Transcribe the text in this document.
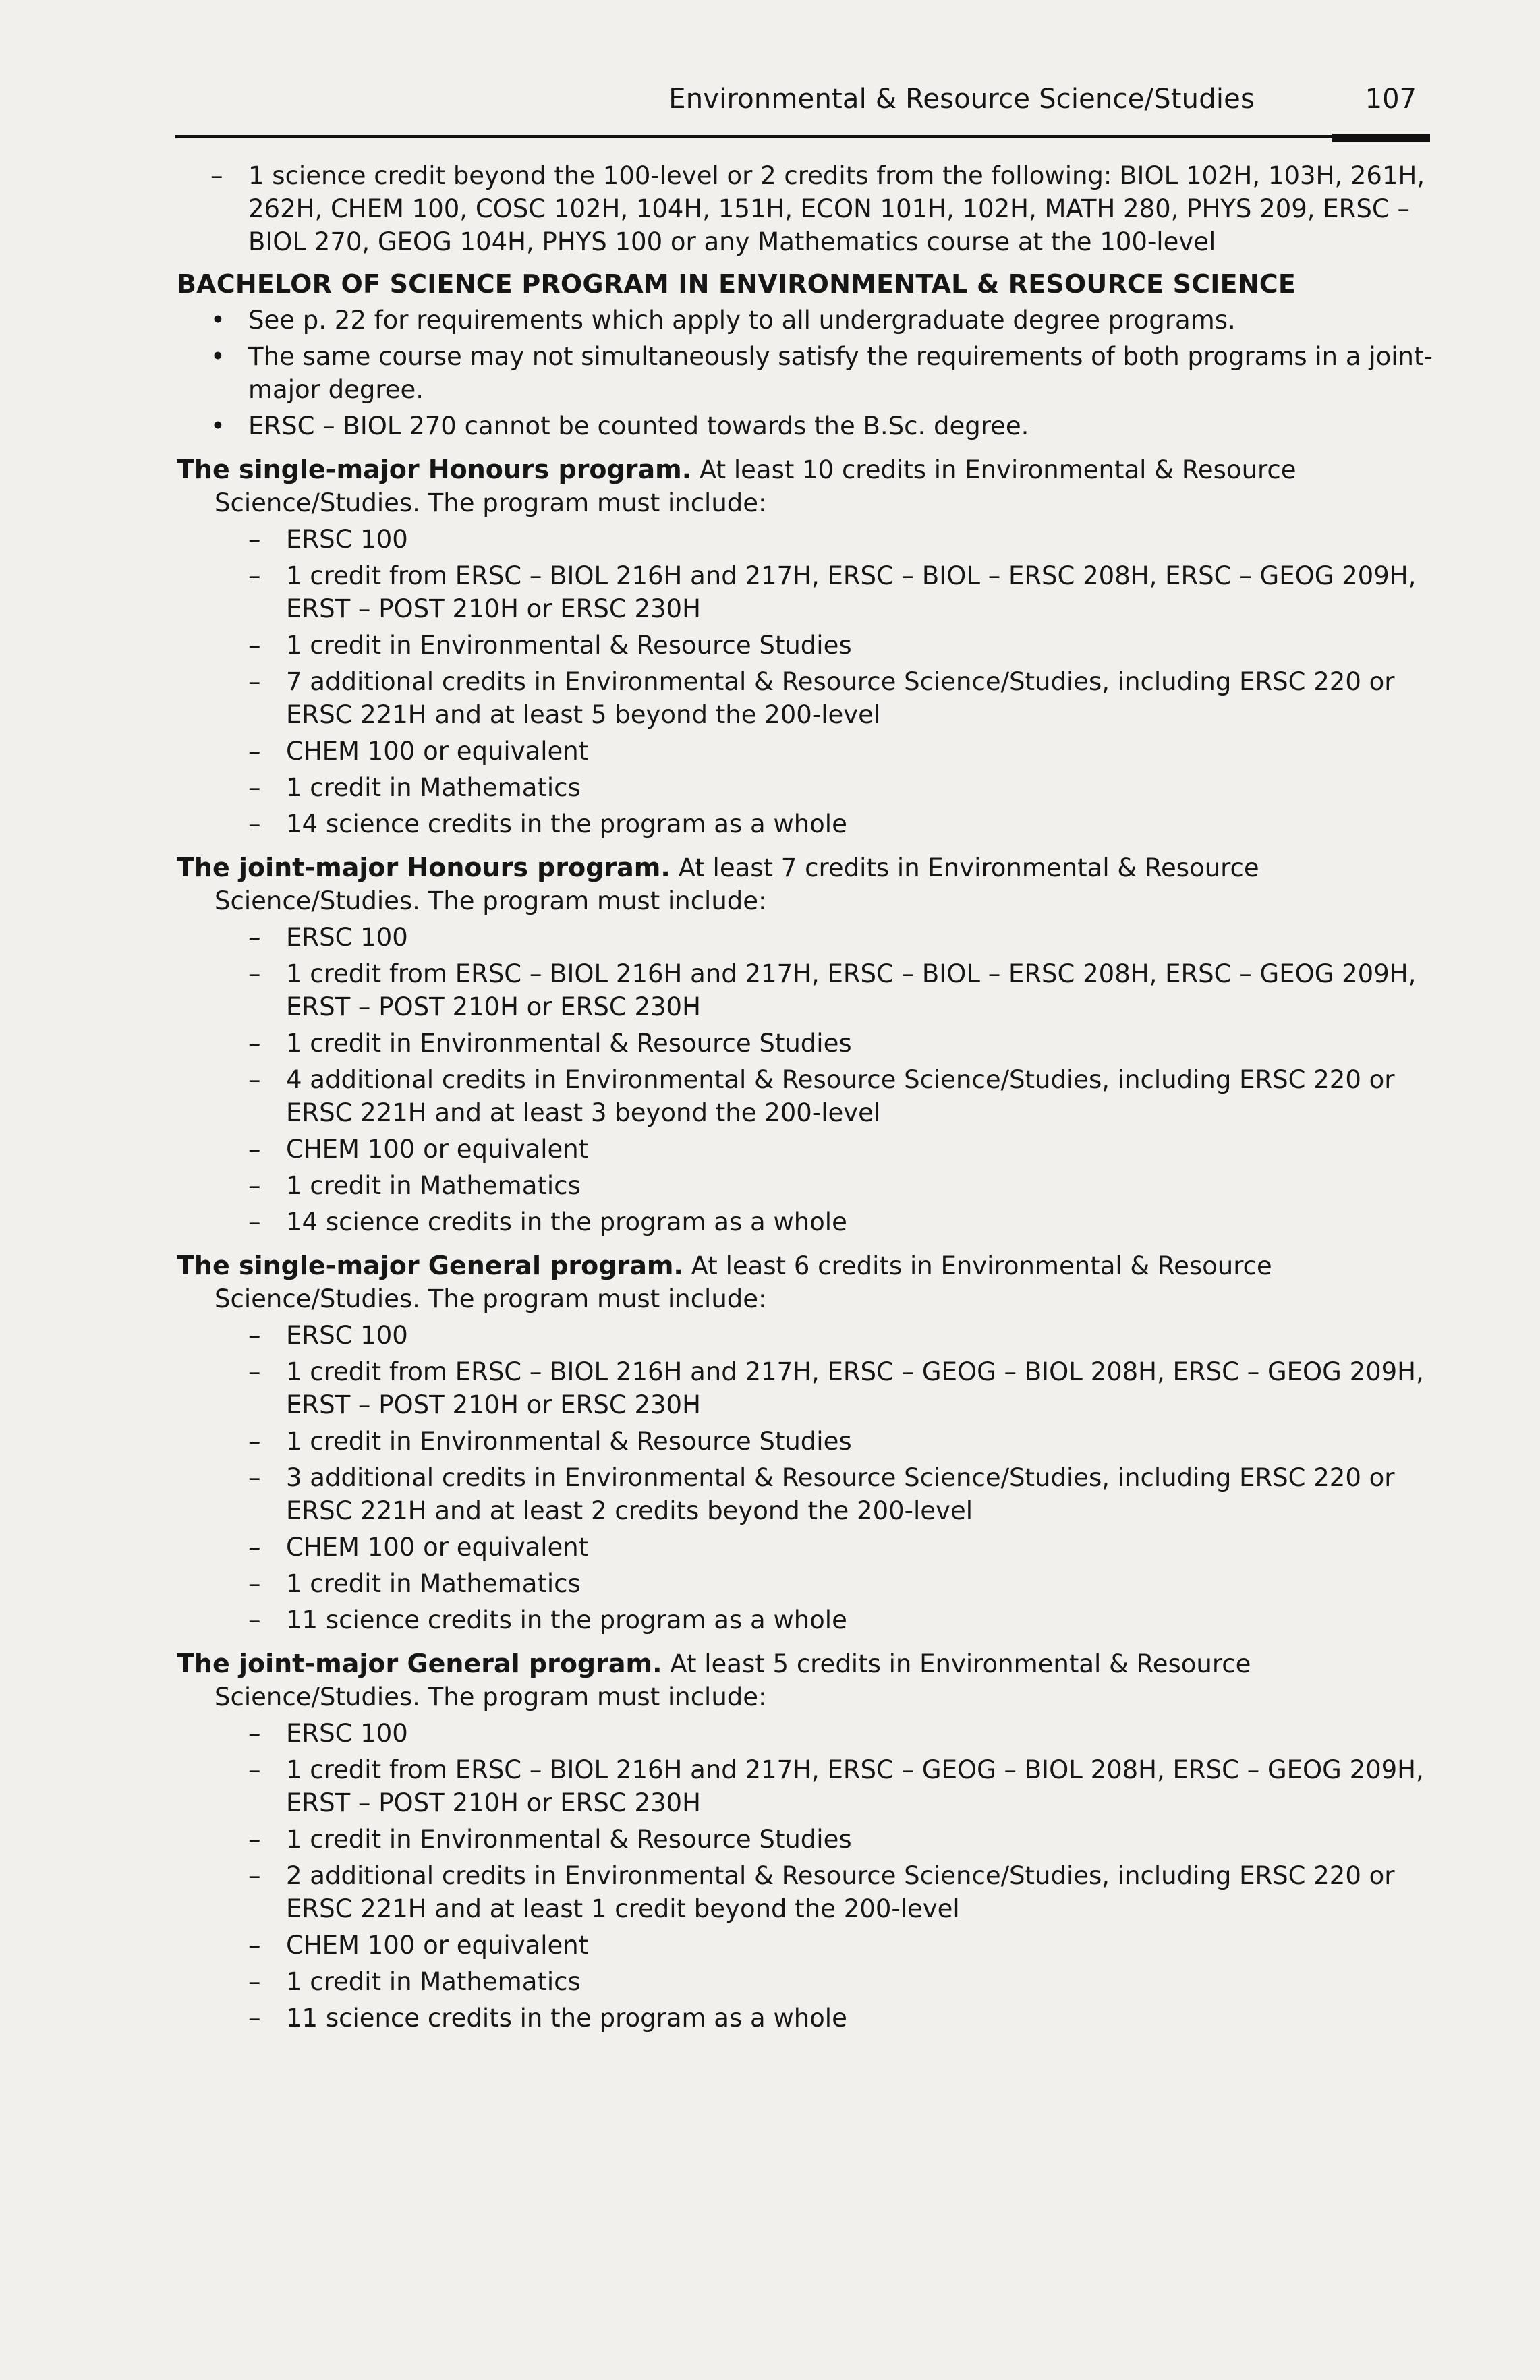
Environmental & Resource Science/Studies	107
– 1 science credit beyond the 100-level or 2 credits from the following: BIOL 102H, 103H, 261H, 262H, CHEM 100, COSC 102H, 104H, 151H, ECON 101H, 102H, MATH 280, PHYS 209, ERSC – BIOL 270, GEOG 104H, PHYS 100 or any Mathematics course at the 100-level
BACHELOR OF SCIENCE PROGRAM IN ENVIRONMENTAL & RESOURCE SCIENCE
• See p. 22 for requirements which apply to all undergraduate degree programs.
• The same course may not simultaneously satisfy the requirements of both programs in a joint-major degree.
• ERSC – BIOL 270 cannot be counted towards the B.Sc. degree.
The single-major Honours program. At least 10 credits in Environmental & Resource Science/Studies. The program must include:
– ERSC 100
– 1 credit from ERSC – BIOL 216H and 217H, ERSC – BIOL – ERSC 208H, ERSC – GEOG 209H, ERST – POST 210H or ERSC 230H
– 1 credit in Environmental & Resource Studies
– 7 additional credits in Environmental & Resource Science/Studies, including ERSC 220 or ERSC 221H and at least 5 beyond the 200-level
– CHEM 100 or equivalent
– 1 credit in Mathematics
– 14 science credits in the program as a whole
The joint-major Honours program. At least 7 credits in Environmental & Resource Science/Studies. The program must include:
– ERSC 100
– 1 credit from ERSC – BIOL 216H and 217H, ERSC – BIOL – ERSC 208H, ERSC – GEOG 209H, ERST – POST 210H or ERSC 230H
– 1 credit in Environmental & Resource Studies
– 4 additional credits in Environmental & Resource Science/Studies, including ERSC 220 or ERSC 221H and at least 3 beyond the 200-level
– CHEM 100 or equivalent
– 1 credit in Mathematics
– 14 science credits in the program as a whole
The single-major General program. At least 6 credits in Environmental & Resource Science/Studies. The program must include:
– ERSC 100
– 1 credit from ERSC – BIOL 216H and 217H, ERSC – GEOG – BIOL 208H, ERSC – GEOG 209H, ERST – POST 210H or ERSC 230H
– 1 credit in Environmental & Resource Studies
– 3 additional credits in Environmental & Resource Science/Studies, including ERSC 220 or ERSC 221H and at least 2 credits beyond the 200-level
– CHEM 100 or equivalent
– 1 credit in Mathematics
– 11 science credits in the program as a whole
The joint-major General program. At least 5 credits in Environmental & Resource Science/Studies. The program must include:
– ERSC 100
– 1 credit from ERSC – BIOL 216H and 217H, ERSC – GEOG – BIOL 208H, ERSC – GEOG 209H, ERST – POST 210H or ERSC 230H
– 1 credit in Environmental & Resource Studies
– 2 additional credits in Environmental & Resource Science/Studies, including ERSC 220 or ERSC 221H and at least 1 credit beyond the 200-level
– CHEM 100 or equivalent
– 1 credit in Mathematics
– 11 science credits in the program as a whole
